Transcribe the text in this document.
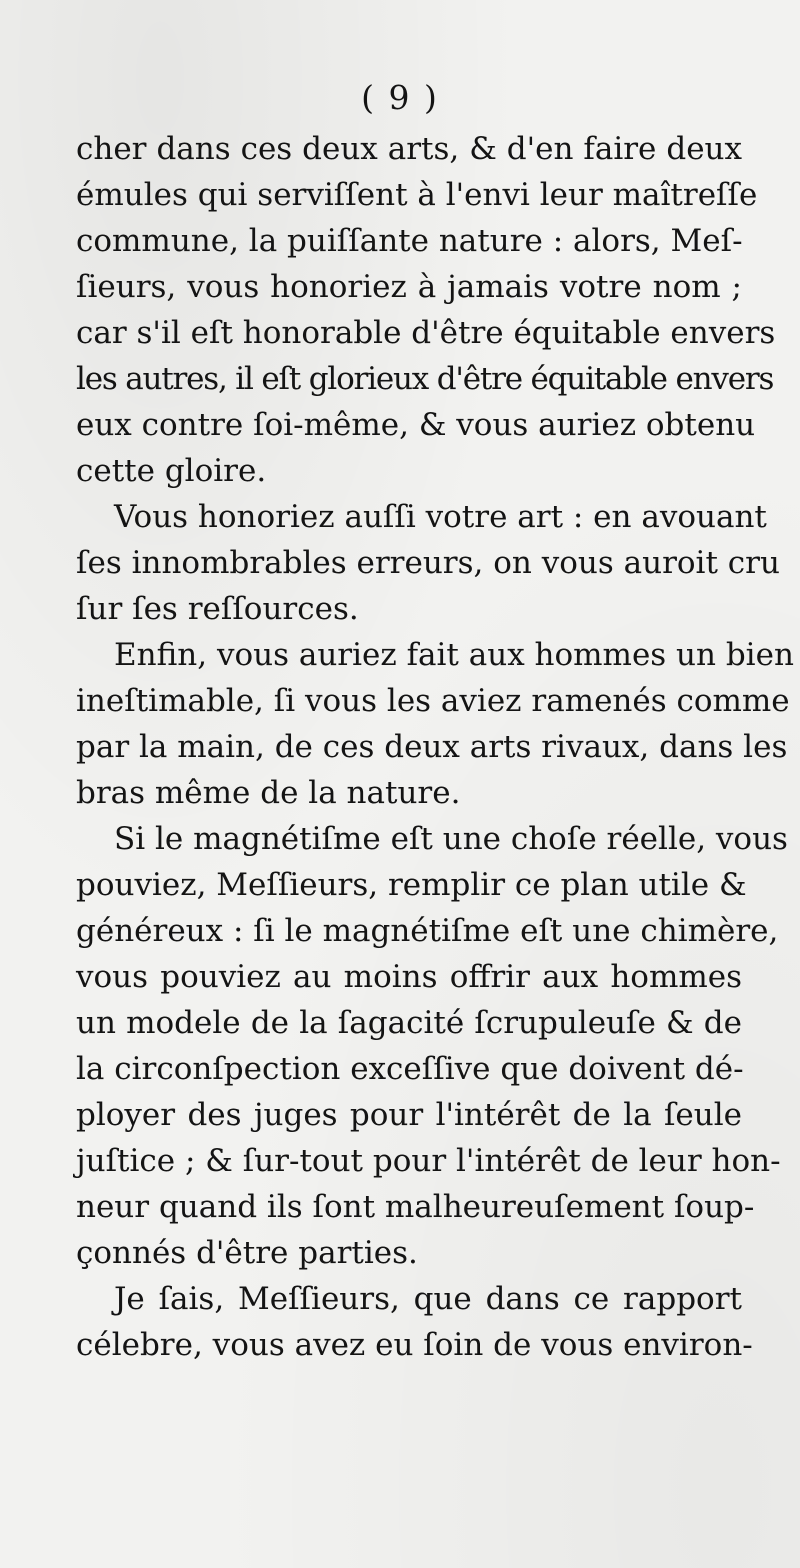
( 9 )
cher dans ces deux arts, & d'en faire deux
émules qui serviſſent à l'envi leur maîtreſſe
commune, la puiſſante nature : alors, Meſ-
ſieurs, vous honoriez à jamais votre nom ;
car s'il eſt honorable d'être équitable envers
les autres, il eſt glorieux d'être équitable envers
eux contre ſoi-même, & vous auriez obtenu
cette gloire.
Vous honoriez auſſi votre art : en avouant
ſes innombrables erreurs, on vous auroit cru
ſur ſes reſſources.
Enfin, vous auriez fait aux hommes un bien
ineſtimable, ſi vous les aviez ramenés comme
par la main, de ces deux arts rivaux, dans les
bras même de la nature.
Si le magnétiſme eſt une choſe réelle, vous
pouviez, Meſſieurs, remplir ce plan utile &
généreux : ſi le magnétiſme eſt une chimère,
vous pouviez au moins offrir aux hommes
un modele de la ſagacité ſcrupuleuſe & de
la circonſpection exceſſive que doivent dé-
ployer des juges pour l'intérêt de la ſeule
juſtice ; & ſur-tout pour l'intérêt de leur hon-
neur quand ils ſont malheureuſement ſoup-
çonnés d'être parties.
Je ſais, Meſſieurs, que dans ce rapport
célebre, vous avez eu ſoin de vous environ-
